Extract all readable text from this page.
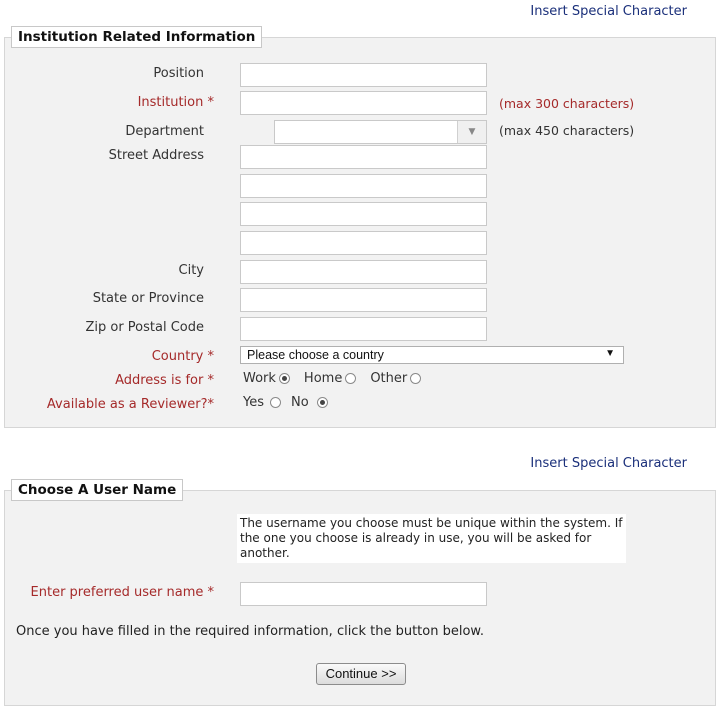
Insert Special Character
Institution Related Information
Position
Institution *	(max 300 characters)
Department	▼	(max 450 characters)
Street Address
City
State or Province
Zip or Postal Code
Country *	Please choose a country	▼
Address is for * Work Home Other
Available as a Reviewer?* Yes No
Insert Special Character
Choose A User Name
The username you choose must be unique within the system. If the one you choose is already in use, you will be asked for another.
Enter preferred user name *
Once you have filled in the required information, click the button below.
Continue >>
